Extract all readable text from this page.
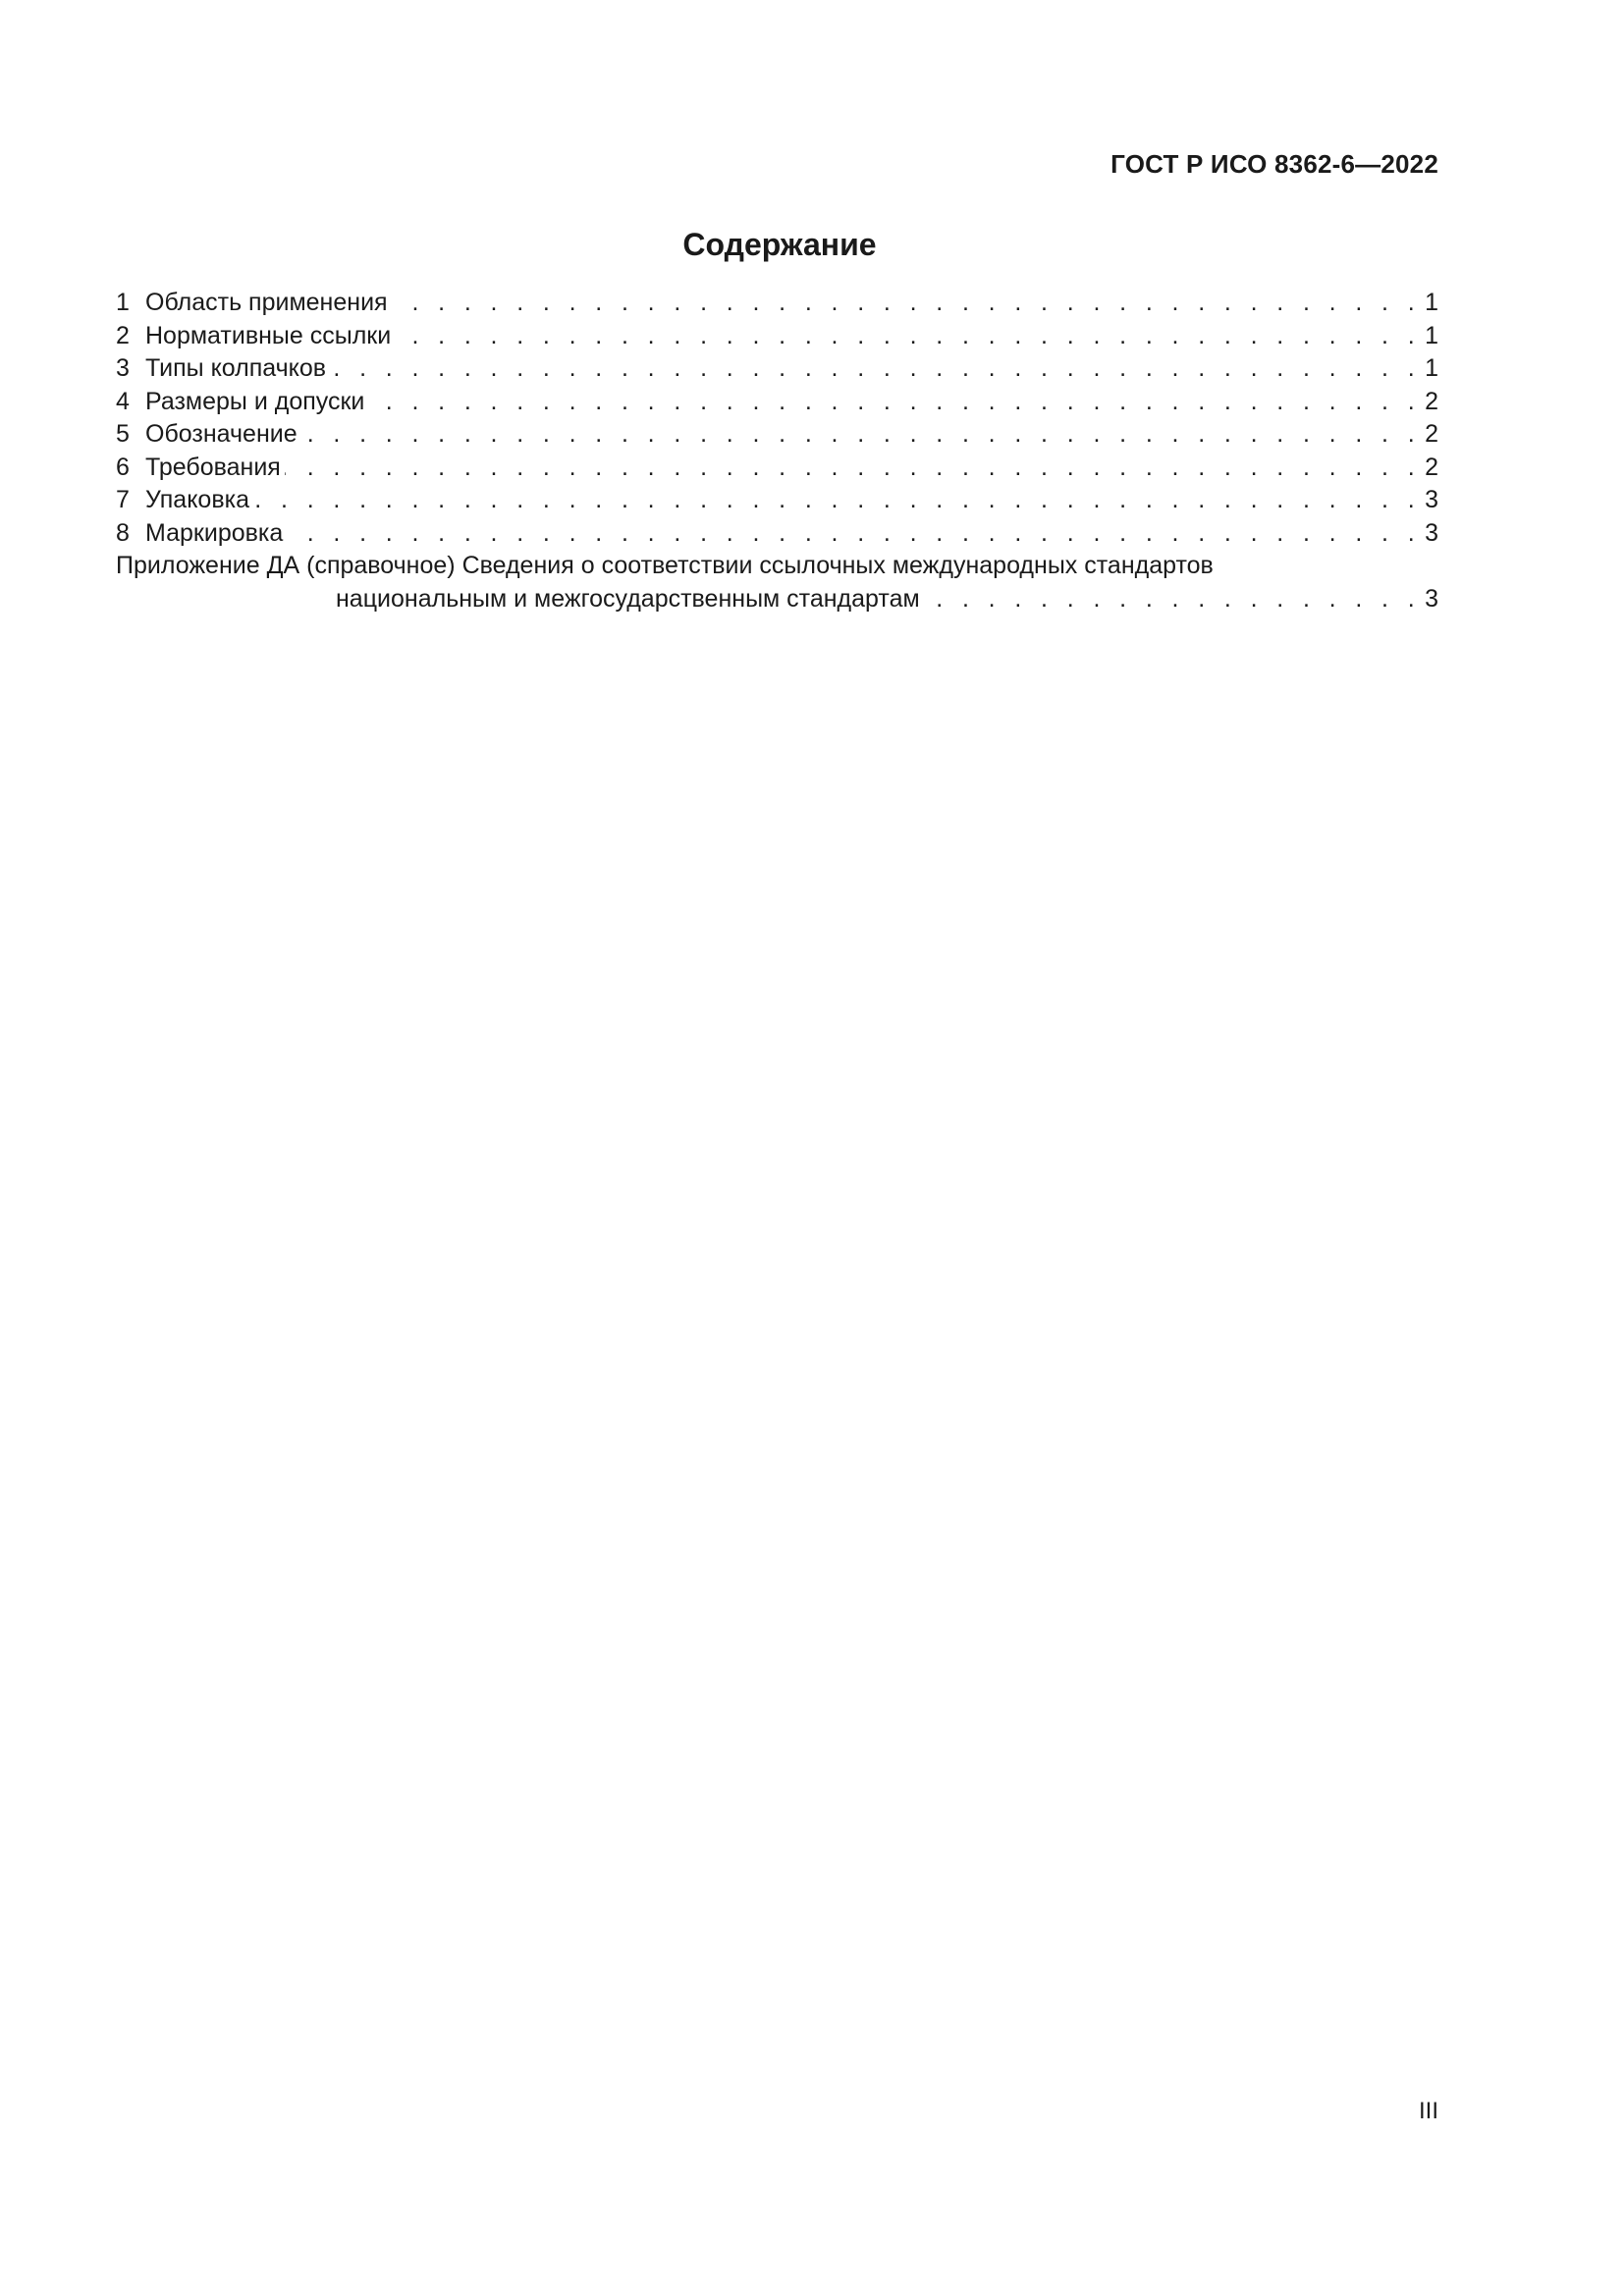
ГОСТ Р ИСО 8362-6—2022
Содержание
1 Область применения . . .	1
2 Нормативные ссылки . . .	1
3 Типы колпачков . . .	1
4 Размеры и допуски . . .	2
5 Обозначение . . .	2
6 Требования . . .	2
7 Упаковка . . .	3
8 Маркировка . . .	3
Приложение ДА (справочное) Сведения о соответствии ссылочных международных стандартов
национальным и межгосударственным стандартам . . .	3
III
